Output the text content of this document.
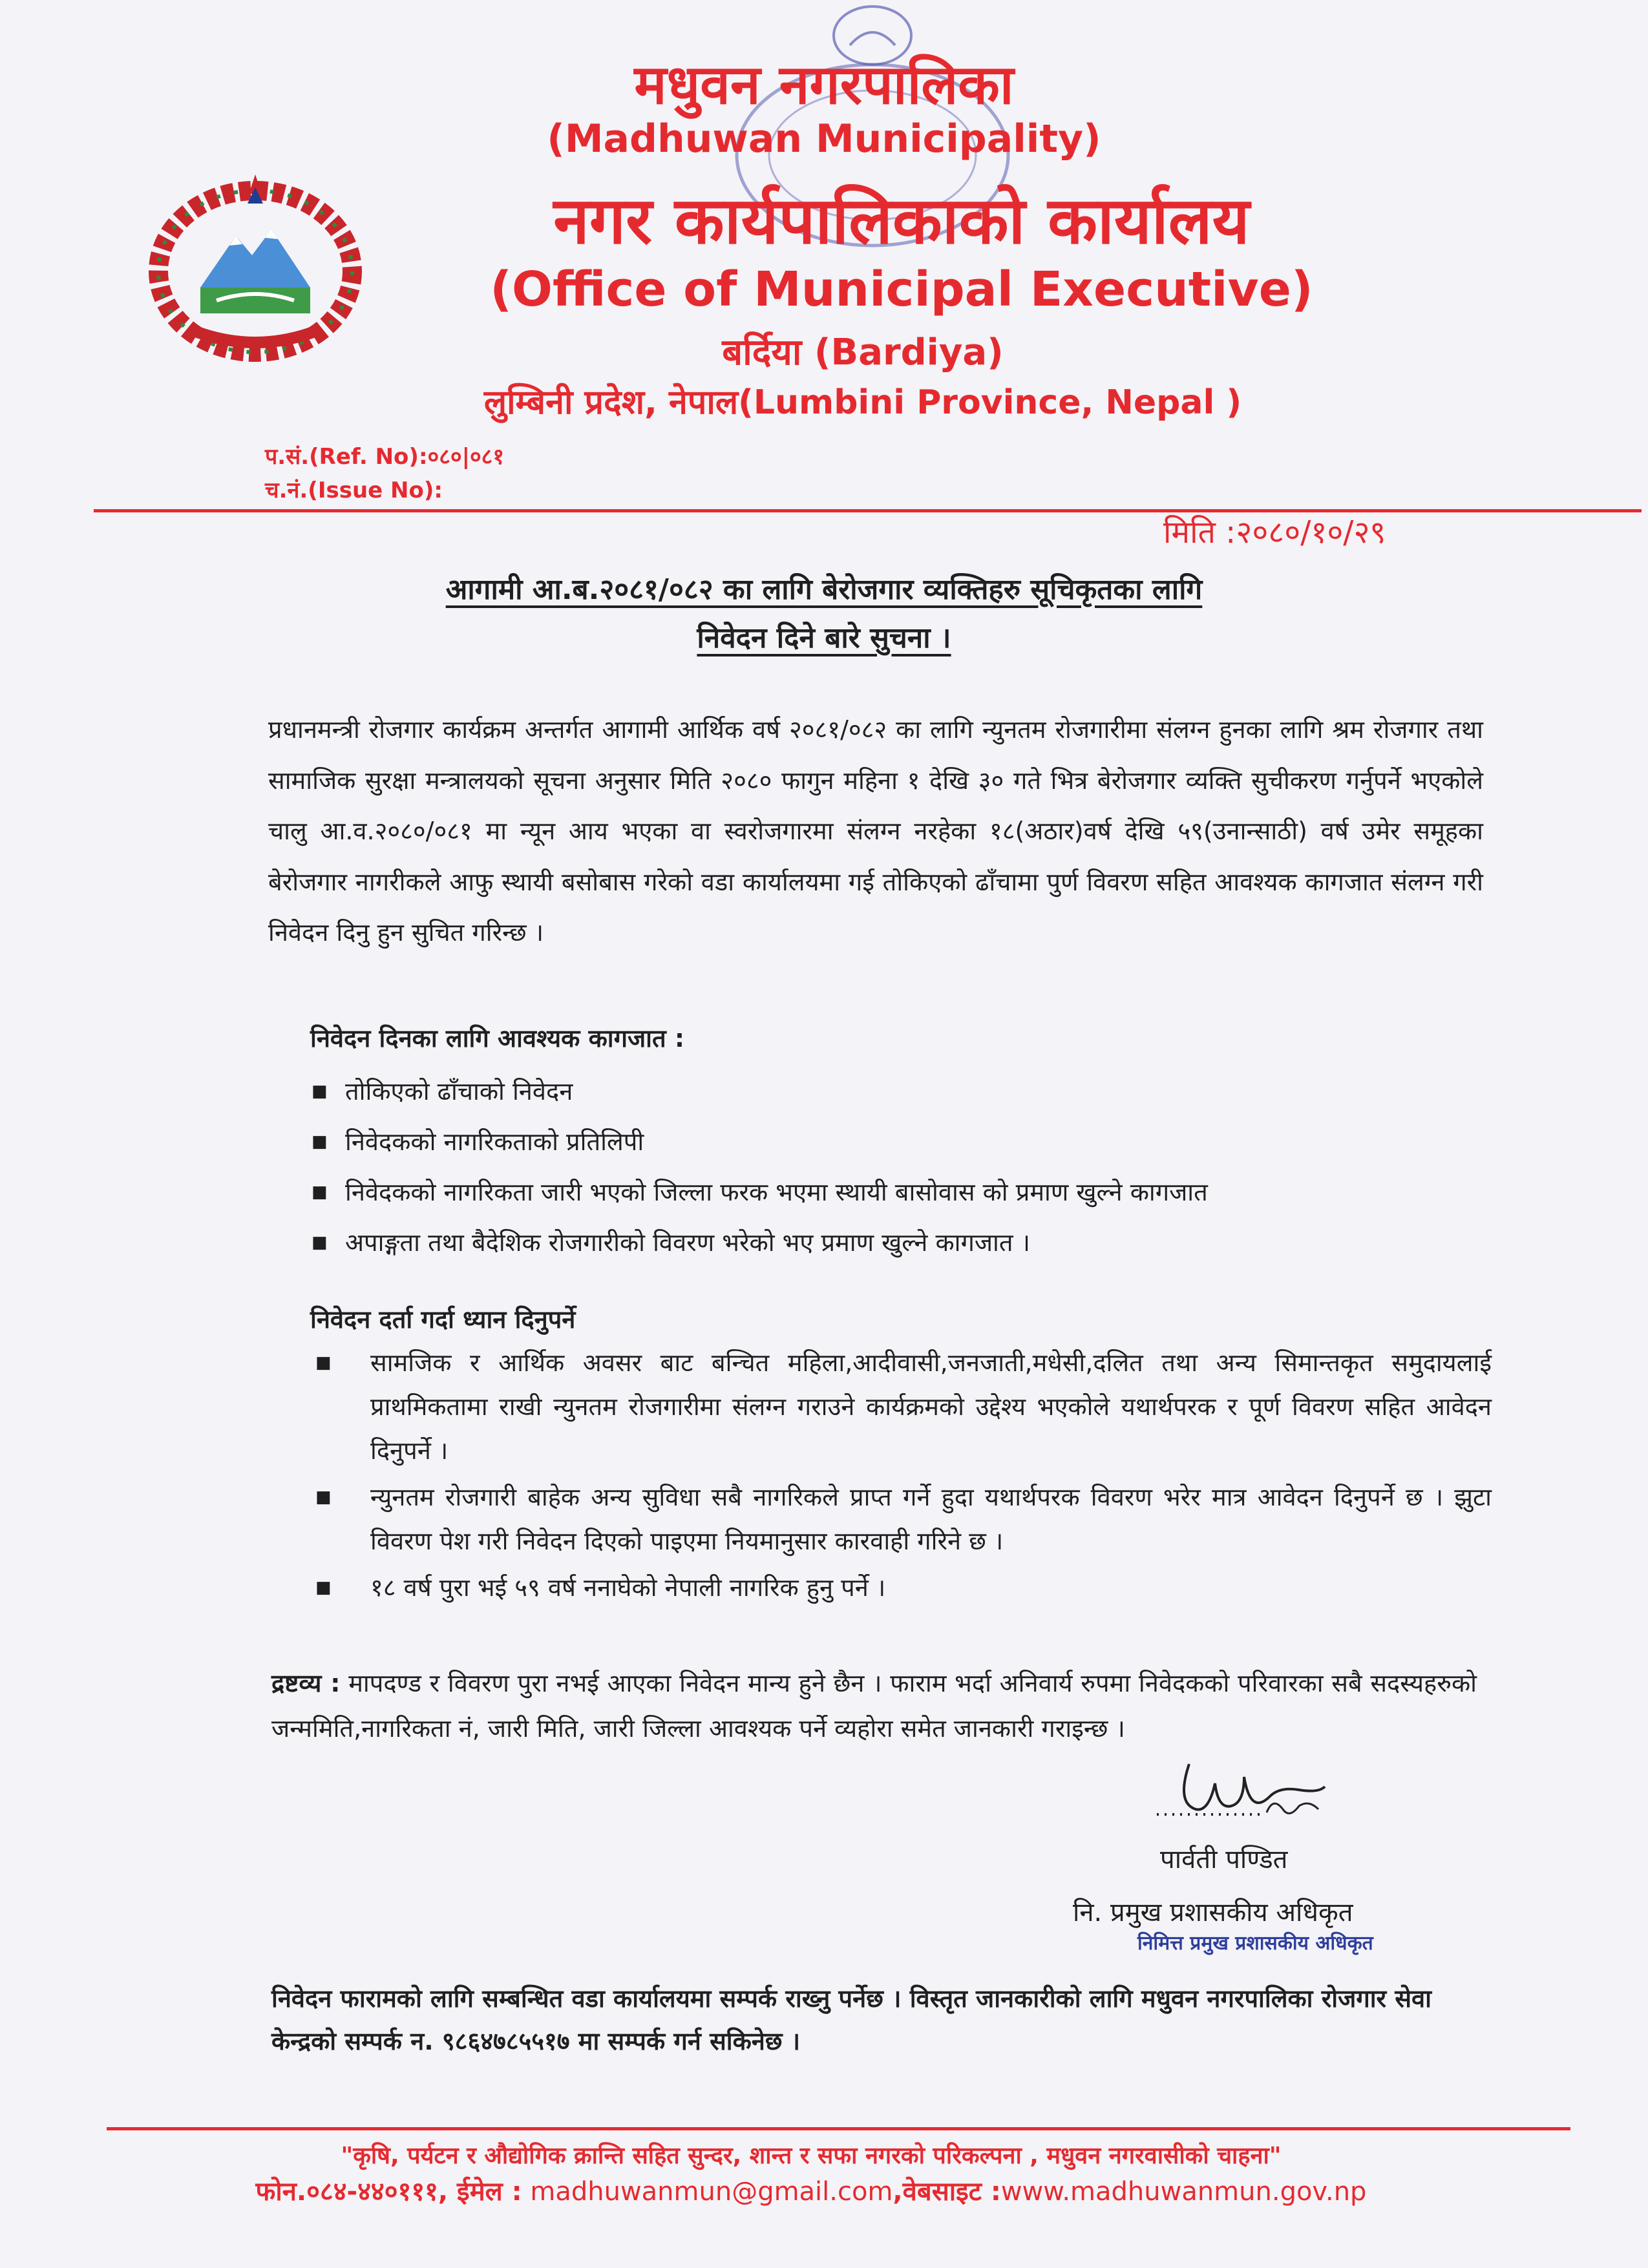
मधुवन नगरपालिका
(Madhuwan Municipality)
नगर कार्यपालिकाको कार्यालय
(Office of Municipal Executive)
बर्दिया (Bardiya)
लुम्बिनी प्रदेश, नेपाल(Lumbini Province, Nepal )
प.सं.(Ref. No):०८०|०८१
च.नं.(Issue No):
मिति :२०८०/१०/२९
आगामी आ.ब.२०८१/०८२ का लागि बेरोजगार व्यक्तिहरु सूचिकृतका लागि
निवेदन दिने बारे सुचना ।
प्रधानमन्त्री रोजगार कार्यक्रम अन्तर्गत आगामी आर्थिक वर्ष २०८१/०८२ का लागि न्युनतम रोजगारीमा संलग्न हुनका लागि श्रम रोजगार तथा सामाजिक सुरक्षा मन्त्रालयको सूचना अनुसार मिति २०८० फागुन महिना १ देखि ३० गते भित्र बेरोजगार व्यक्ति सुचीकरण गर्नुपर्ने भएकोले चालु आ.व.२०८०/०८१ मा न्यून आय भएका वा स्वरोजगारमा संलग्न नरहेका १८(अठार)वर्ष देखि ५९(उनान्साठी) वर्ष उमेर समूहका बेरोजगार नागरीकले आफु स्थायी बसोबास गरेको वडा कार्यालयमा गई तोकिएको ढाँचामा पुर्ण विवरण सहित आवश्यक कागजात संलग्न गरी निवेदन दिनु हुन सुचित गरिन्छ ।
निवेदन दिनका लागि आवश्यक कागजात :
■ तोकिएको ढाँचाको निवेदन
■ निवेदकको नागरिकताको प्रतिलिपी
■ निवेदकको नागरिकता जारी भएको जिल्ला फरक भएमा स्थायी बासोवास को प्रमाण खुल्ने कागजात
■ अपाङ्गता तथा बैदेशिक रोजगारीको विवरण भरेको भए प्रमाण खुल्ने कागजात ।
निवेदन दर्ता गर्दा ध्यान दिनुपर्ने
■ सामजिक र आर्थिक अवसर बाट बन्चित महिला,आदीवासी,जनजाती,मधेसी,दलित तथा अन्य सिमान्तकृत समुदायलाई प्राथमिकतामा राखी न्युनतम रोजगारीमा संलग्न गराउने कार्यक्रमको उद्देश्य भएकोले यथार्थपरक र पूर्ण विवरण सहित आवेदन दिनुपर्ने ।
■ न्युनतम रोजगारी बाहेक अन्य सुविधा सबै नागरिकले प्राप्त गर्ने हुदा यथार्थपरक विवरण भरेर मात्र आवेदन दिनुपर्ने छ । झुटा विवरण पेश गरी निवेदन दिएको पाइएमा नियमानुसार कारवाही गरिने छ ।
■ १८ वर्ष पुरा भई ५९ वर्ष ननाघेको नेपाली नागरिक हुनु पर्ने ।
द्रष्टव्य : मापदण्ड र विवरण पुरा नभई आएका निवेदन मान्य हुने छैन । फाराम भर्दा अनिवार्य रुपमा निवेदकको परिवारका सबै सदस्यहरुको जन्ममिति,नागरिकता नं, जारी मिति, जारी जिल्ला आवश्यक पर्ने व्यहोरा समेत जानकारी गराइन्छ ।
पार्वती पण्डित
नि. प्रमुख प्रशासकीय अधिकृत
निमित्त प्रमुख प्रशासकीय अधिकृत
निवेदन फारामको लागि सम्बन्धित वडा कार्यालयमा सम्पर्क राख्नु पर्नेछ । विस्तृत जानकारीको लागि मधुवन नगरपालिका रोजगार सेवा केन्द्रको सम्पर्क न. ९८६४७८५५१७ मा सम्पर्क गर्न सकिनेछ ।
"कृषि, पर्यटन र औद्योगिक क्रान्ति सहित सुन्दर, शान्त र सफा नगरको परिकल्पना , मधुवन नगरवासीको चाहना"
फोन.०८४-४४०१११, ईमेल : madhuwanmun@gmail.com,वेबसाइट :www.madhuwanmun.gov.np
